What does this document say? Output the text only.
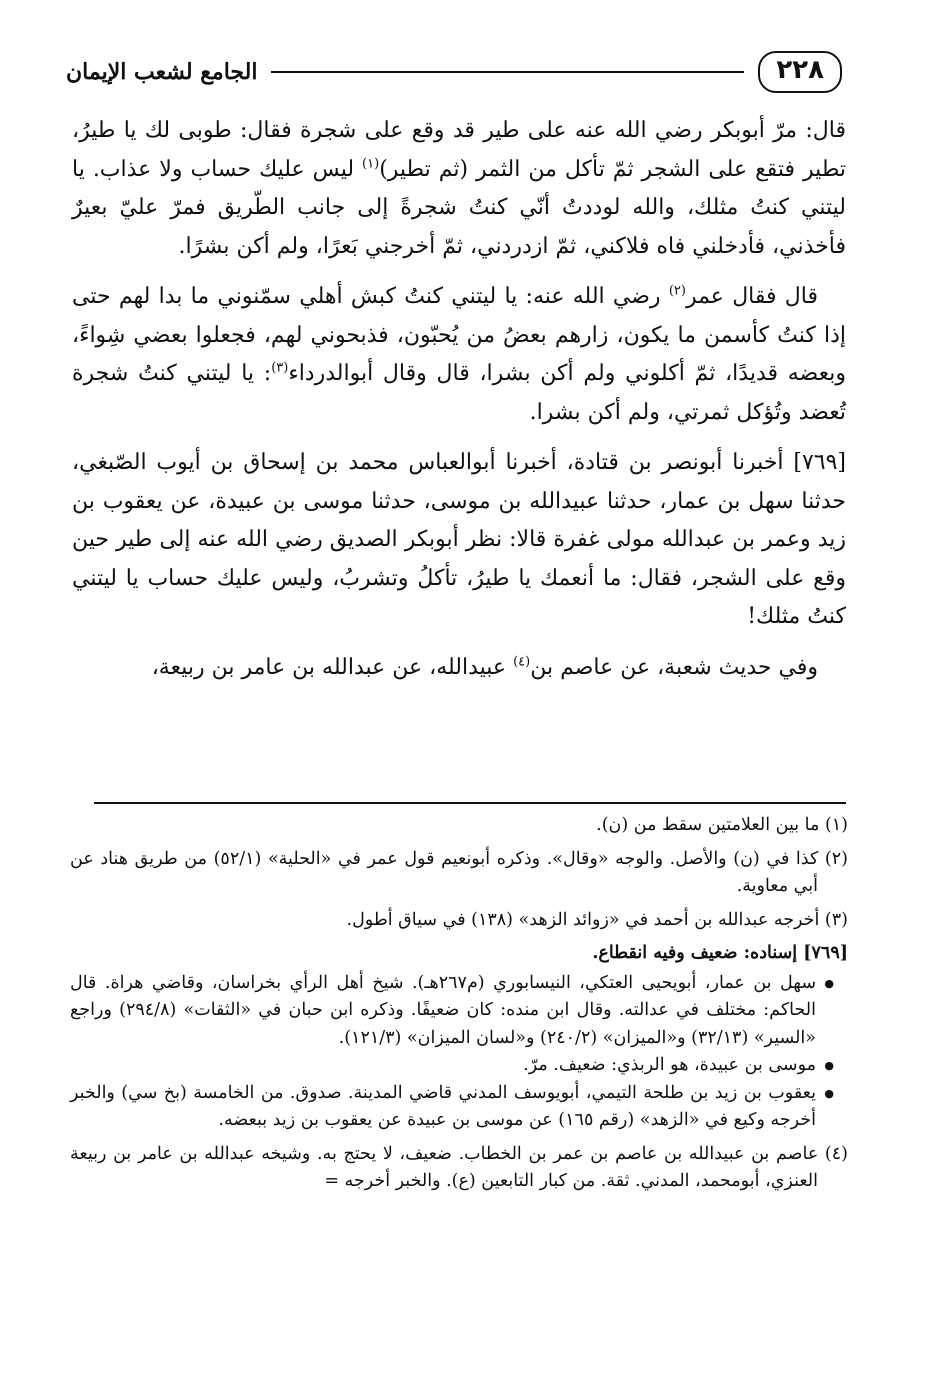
٢٢٨
الجامع لشعب الإيمان

قال: مرّ أبوبكر رضي الله عنه على طير قد وقع على شجرة فقال: طوبى لك يا طيرُ، تطير فتقع على الشجر ثمّ تأكل من الثمر (ثم تطير)$^{(١)}$ ليس عليك حساب ولا عذاب. يا ليتني كنتُ مثلك، والله لوددتُ أنّي كنتُ شجرةً إلى جانب الطّريق فمرّ عليّ بعيرٌ فأخذني، فأدخلني فاه فلاكني، ثمّ ازدردني، ثمّ أخرجني بَعرًا، ولم أكن بشرًا.

قال فقال عمر$^{(٢)}$ رضي الله عنه: يا ليتني كنتُ كبش أهلي سمّنوني ما بدا لهم حتى إذا كنتُ كأسمن ما يكون، زارهم بعضُ من يُحبّون، فذبحوني لهم، فجعلوا بعضي شِواءً، وبعضه قديدًا، ثمّ أكلوني ولم أكن بشرا، قال وقال أبوالدرداء$^{(٣)}$: يا ليتني كنتُ شجرة تُعضد وتُؤكل ثمرتي، ولم أكن بشرا.

[٧٦٩] أخبرنا أبونصر بن قتادة، أخبرنا أبوالعباس محمد بن إسحاق بن أيوب الصّبغي، حدثنا سهل بن عمار، حدثنا عبيدالله بن موسى، حدثنا موسى بن عبيدة، عن يعقوب بن زيد وعمر بن عبدالله مولى غفرة قالا: نظر أبوبكر الصديق رضي الله عنه إلى طير حين وقع على الشجر، فقال: ما أنعمك يا طيرُ، تأكلُ وتشربُ، وليس عليك حساب يا ليتني كنتُ مثلك!

وفي حديث شعبة، عن عاصم بن$^{(٤)}$ عبيدالله، عن عبدالله بن عامر بن ربيعة،

(١) ما بين العلامتين سقط من (ن).

(٢) كذا في (ن) والأصل. والوجه «وقال». وذكره أبونعيم قول عمر في «الحلية» (٥٢/١) من طريق هناد عن أبي معاوية.

(٣) أخرجه عبدالله بن أحمد في «زوائد الزهد» (١٣٨) في سياق أطول.

[٧٦٩] إسناده: ضعيف وفيه انقطاع.

● سهل بن عمار، أبويحيى العتكي، النيسابوري (م٢٦٧هـ). شيخ أهل الرأي بخراسان، وقاضي هراة. قال الحاكم: مختلف في عدالته. وقال ابن منده: كان ضعيفًا. وذكره ابن حبان في «الثقات» (٢٩٤/٨) وراجع «السير» (٣٢/١٣) و«الميزان» (٢٤٠/٢) و«لسان الميزان» (١٢١/٣).
● موسى بن عبيدة، هو الربذي: ضعيف. مرّ.
● يعقوب بن زيد بن طلحة التيمي، أبويوسف المدني قاضي المدينة. صدوق. من الخامسة (بخ سي) والخبر أخرجه وكيع في «الزهد» (رقم ١٦٥) عن موسى بن عبيدة عن يعقوب بن زيد ببعضه.

(٤) عاصم بن عبيدالله بن عاصم بن عمر بن الخطاب. ضعيف، لا يحتج به. وشيخه عبدالله بن عامر بن ربيعة العنزي، أبومحمد، المدني. ثقة. من كبار التابعين (ع). والخبر أخرجه =
